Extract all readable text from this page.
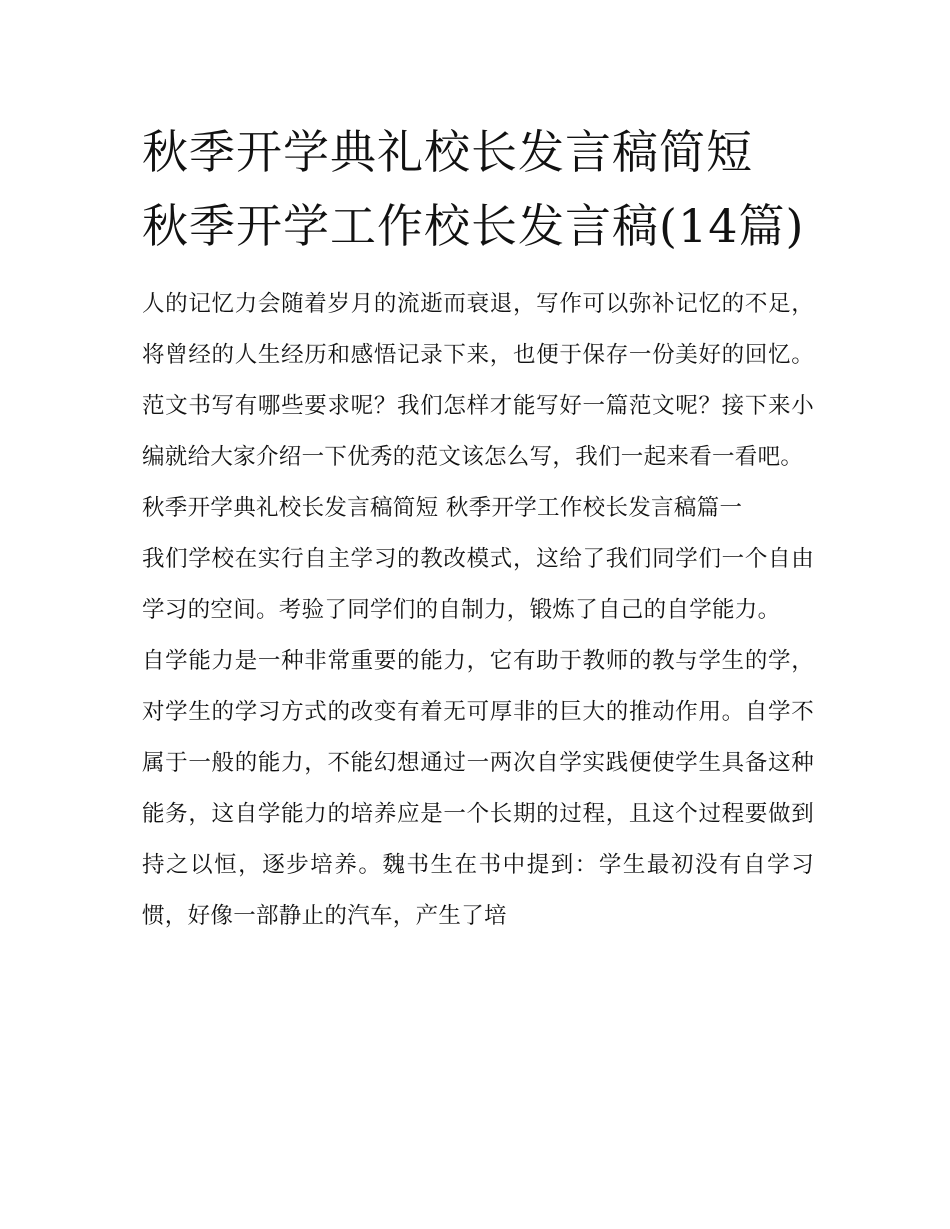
秋季开学典礼校长发言稿简短 秋季开学工作校长发言稿(14篇)

人的记忆力会随着岁月的流逝而衰退，写作可以弥补记忆的不足，将曾经的人生经历和感悟记录下来，也便于保存一份美好的回忆。范文书写有哪些要求呢？我们怎样才能写好一篇范文呢？接下来小编就给大家介绍一下优秀的范文该怎么写，我们一起来看一看吧。

秋季开学典礼校长发言稿简短 秋季开学工作校长发言稿篇一

我们学校在实行自主学习的教改模式，这给了我们同学们一个自由学习的空间。考验了同学们的自制力，锻炼了自己的自学能力。

自学能力是一种非常重要的能力，它有助于教师的教与学生的学，对学生的学习方式的改变有着无可厚非的巨大的推动作用。自学不属于一般的能力，不能幻想通过一两次自学实践便使学生具备这种能务，这自学能力的培养应是一个长期的过程，且这个过程要做到持之以恒，逐步培养。魏书生在书中提到：学生最初没有自学习惯，好像一部静止的汽车，产生了培
